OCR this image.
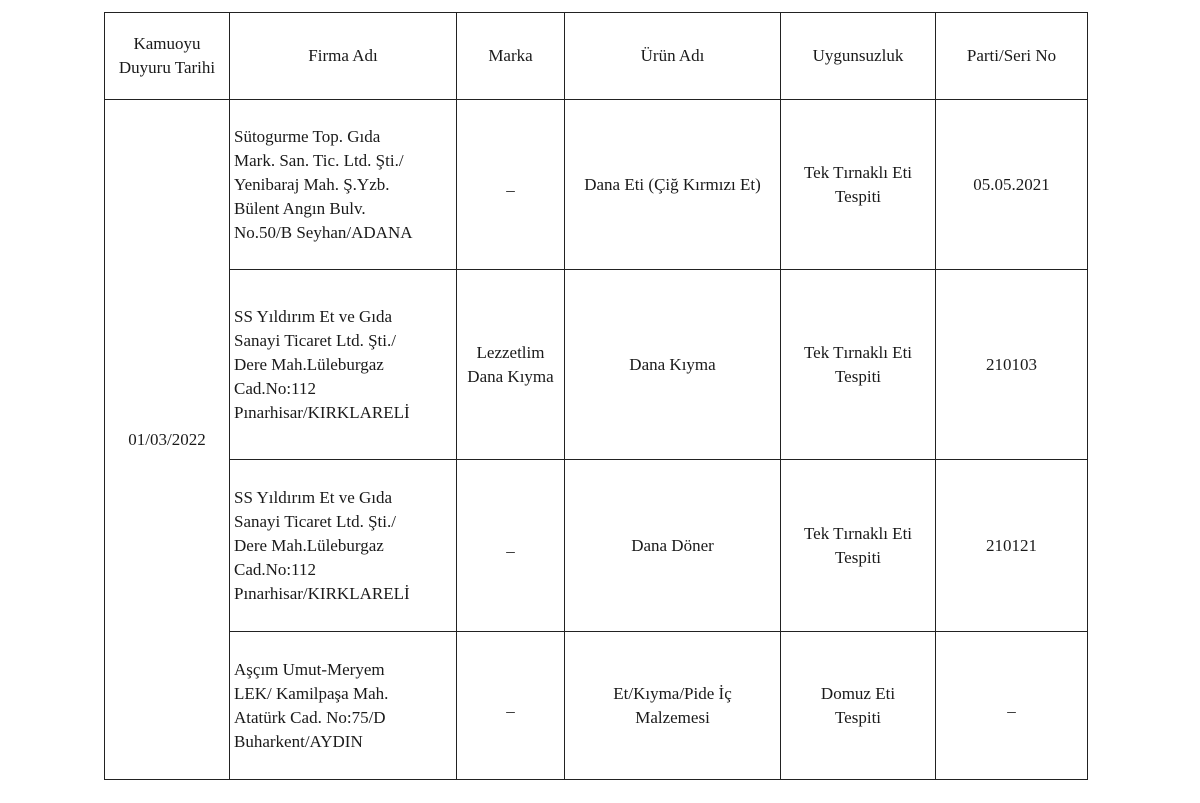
Kamuoyu
Duyuru Tarihi	Firma Adı	Marka	Ürün Adı	Uygunsuzluk	Parti/Seri No
01/03/2022	Sütogurme Top. Gıda
Mark. San. Tic. Ltd. Şti./
Yenibaraj Mah. Ş.Yzb.
Bülent Angın Bulv.
No.50/B Seyhan/ADANA	_	Dana Eti (Çiğ Kırmızı Et)	Tek Tırnaklı Eti
Tespiti	05.05.2021
	SS Yıldırım Et ve Gıda
Sanayi Ticaret Ltd. Şti./
Dere Mah.Lüleburgaz
Cad.No:112
Pınarhisar/KIRKLARELİ	Lezzetlim
Dana Kıyma	Dana Kıyma	Tek Tırnaklı Eti
Tespiti	210103
	SS Yıldırım Et ve Gıda
Sanayi Ticaret Ltd. Şti./
Dere Mah.Lüleburgaz
Cad.No:112
Pınarhisar/KIRKLARELİ	_	Dana Döner	Tek Tırnaklı Eti
Tespiti	210121
	Aşçım Umut-Meryem
LEK/ Kamilpaşa Mah.
Atatürk Cad. No:75/D
Buharkent/AYDIN	_	Et/Kıyma/Pide İç
Malzemesi	Domuz Eti
Tespiti	_
